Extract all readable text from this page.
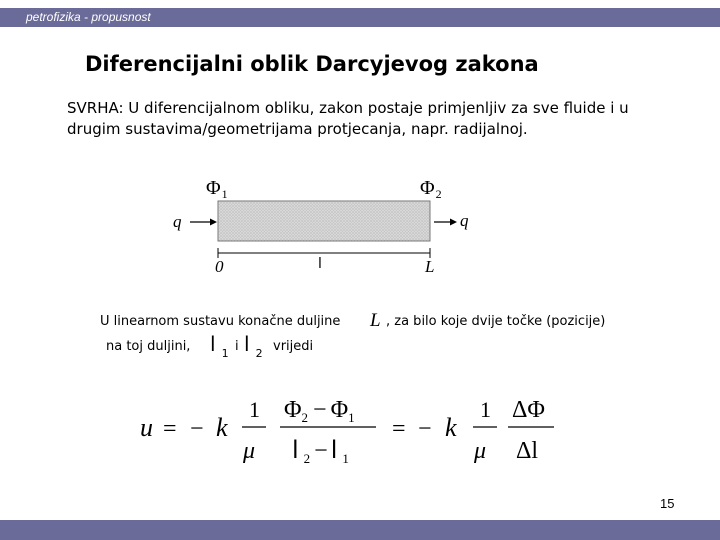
petrofizika - propusnost
Diferencijalni oblik Darcyjevog zakona
SVRHA: U diferencijalnom obliku, zakon postaje primjenljiv za sve fluide i u drugim sustavima/geometrijama protjecanja, napr. radijalnoj.
$\Phi_1$	$\Phi_2$
q	q
0	l	L
U linearnom sustavu konačne duljine L , za bilo koje dvije točke (pozicije)
na toj duljini, l $_1$ i l $_2$ vrijedi
u = − k
1
μ
$\Phi_2 - \Phi_1$
l $_2$ − l $_1$
= − k
1
μ
ΔΦ
Δl
15
